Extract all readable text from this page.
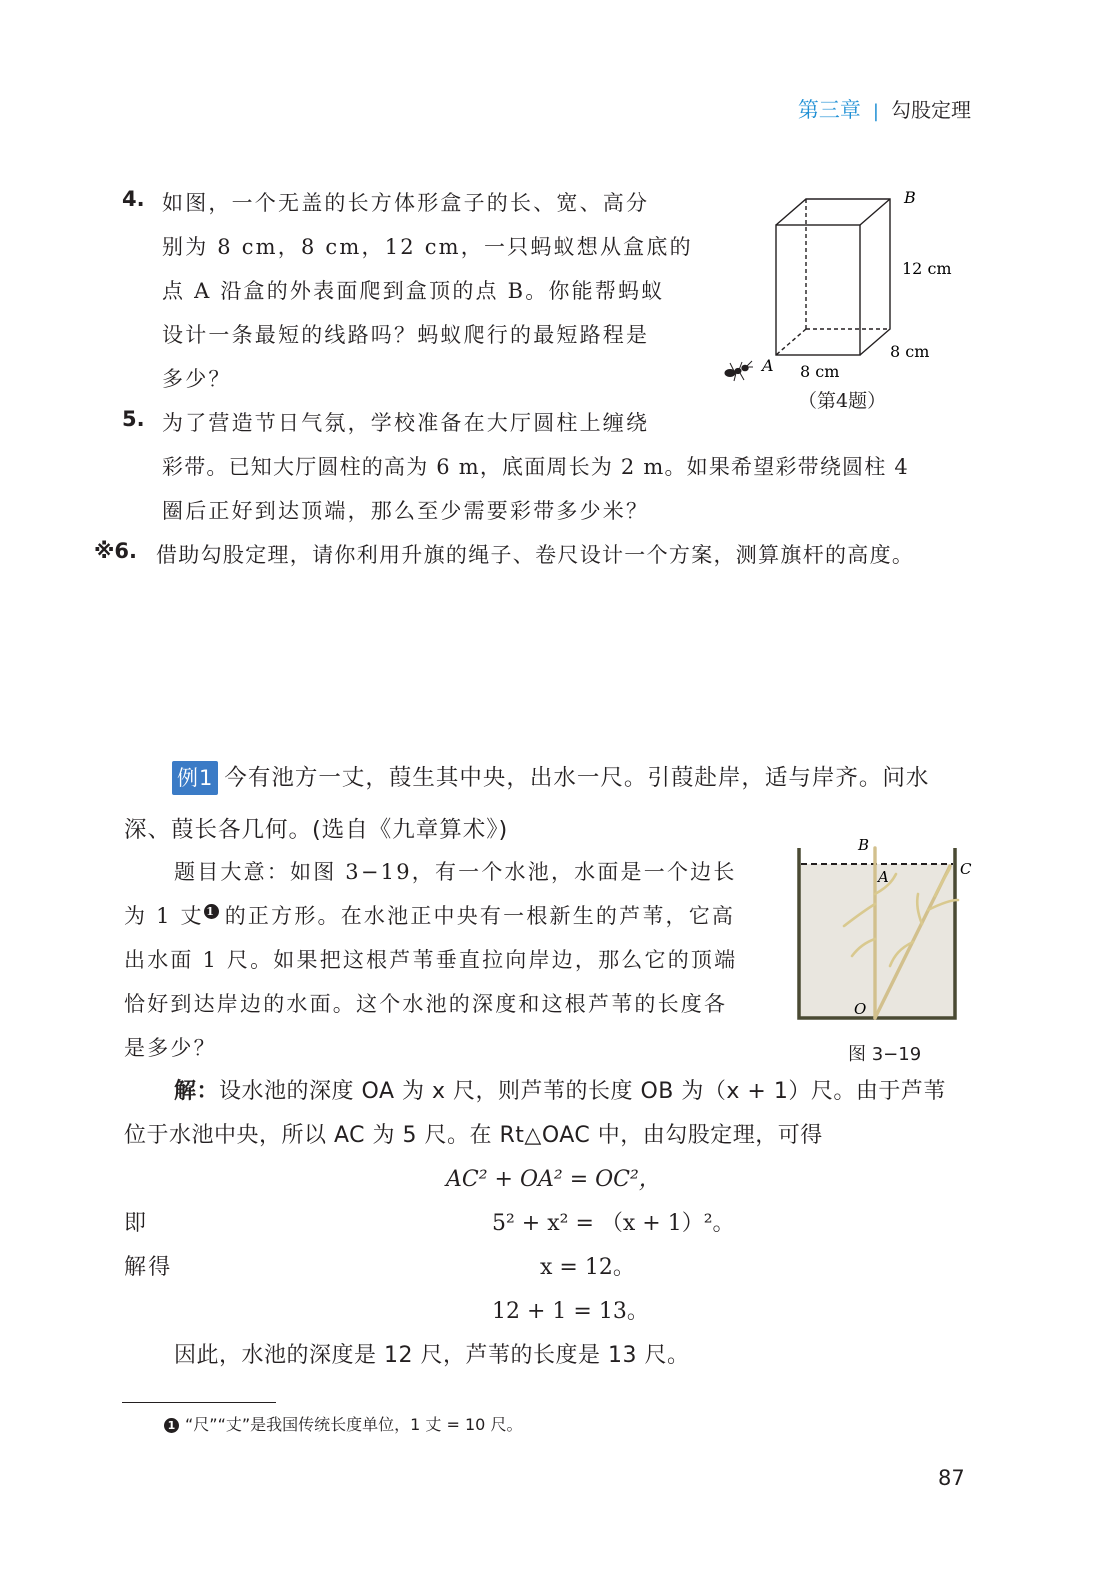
第三章 | 勾股定理
4. 如图，一个无盖的长方体形盒子的长、宽、高分
别为 8 cm，8 cm，12 cm，一只蚂蚁想从盒底的
点 A 沿盒的外表面爬到盒顶的点 B。你能帮蚂蚁
设计一条最短的线路吗？蚂蚁爬行的最短路程是
多少？
B
12 cm
8 cm
8 cm
A
（第4题）
5. 为了营造节日气氛，学校准备在大厅圆柱上缠绕
彩带。已知大厅圆柱的高为 6 m，底面周长为 2 m。如果希望彩带绕圆柱 4
圈后正好到达顶端，那么至少需要彩带多少米？
※6. 借助勾股定理，请你利用升旗的绳子、卷尺设计一个方案，测算旗杆的高度。
例1 今有池方一丈，葭生其中央，出水一尺。引葭赴岸，适与岸齐。问水
深、葭长各几何。(选自《九章算术》)
题目大意：如图 3−19，有一个水池，水面是一个边长
为 1 丈 $^1$ 的正方形。在水池正中央有一根新生的芦苇，它高
出水面 1 尺。如果把这根芦苇垂直拉向岸边，那么它的顶端
恰好到达岸边的水面。这个水池的深度和这根芦苇的长度各
是多少？
B
A	C
O
图 3−19
解：设水池的深度 OA 为 x 尺，则芦苇的长度 OB 为（x + 1）尺。由于芦苇
位于水池中央，所以 AC 为 5 尺。在 Rt△OAC 中，由勾股定理，可得
AC² + OA² = OC²，
即	5² + x² = （x + 1）²。
解得	x = 12。
12 + 1 = 13。
因此，水池的深度是 12 尺，芦苇的长度是 13 尺。
1 “尺”“丈”是我国传统长度单位，1 丈 = 10 尺。
87
